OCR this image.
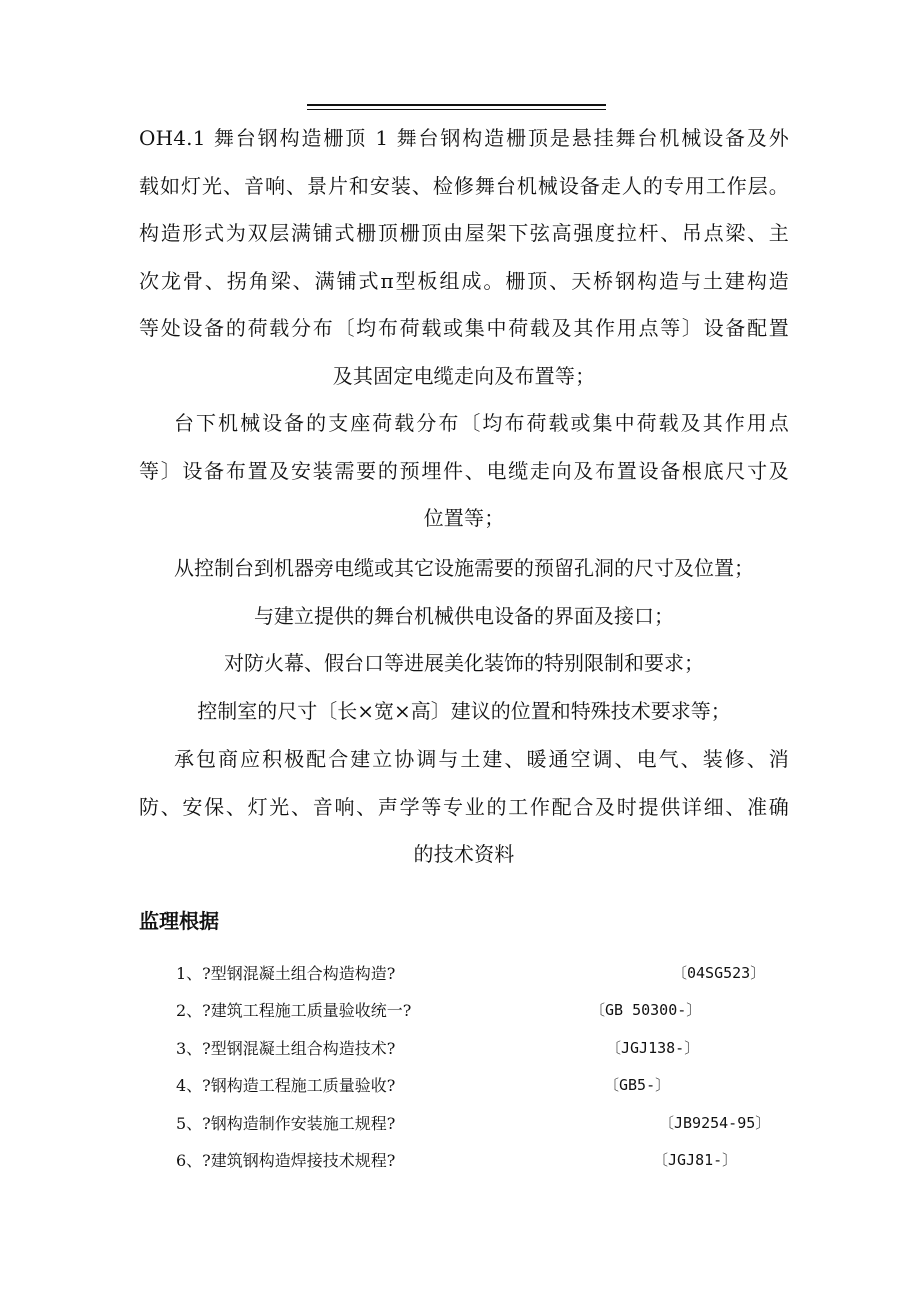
OH4.1 舞台钢构造栅顶 1 舞台钢构造栅顶是悬挂舞台机械设备及外
载如灯光、音响、景片和安装、检修舞台机械设备走人的专用工作层。
构造形式为双层满铺式栅顶栅顶由屋架下弦高强度拉杆、吊点梁、主
次龙骨、拐角梁、满铺式π型板组成。栅顶、天桥钢构造与土建构造
等处设备的荷载分布〔均布荷载或集中荷载及其作用点等〕设备配置
及其固定电缆走向及布置等；
台下机械设备的支座荷载分布〔均布荷载或集中荷载及其作用点
等〕设备布置及安装需要的预埋件、电缆走向及布置设备根底尺寸及
位置等；
从控制台到机器旁电缆或其它设施需要的预留孔洞的尺寸及位置；
与建立提供的舞台机械供电设备的界面及接口；
对防火幕、假台口等进展美化装饰的特别限制和要求；
控制室的尺寸〔长×宽×高〕建议的位置和特殊技术要求等；
承包商应积极配合建立协调与土建、暖通空调、电气、装修、消
防、安保、灯光、音响、声学等专业的工作配合及时提供详细、准确
的技术资料
监理根据
1、?型钢混凝土组合构造构造?	〔04SG523〕
2、?建筑工程施工质量验收统一?	〔GB 50300-〕
3、?型钢混凝土组合构造技术?	〔JGJ138-〕
4、?钢构造工程施工质量验收?	〔GB5-〕
5、?钢构造制作安装施工规程?	〔JB9254-95〕
6、?建筑钢构造焊接技术规程?	〔JGJ81-〕
